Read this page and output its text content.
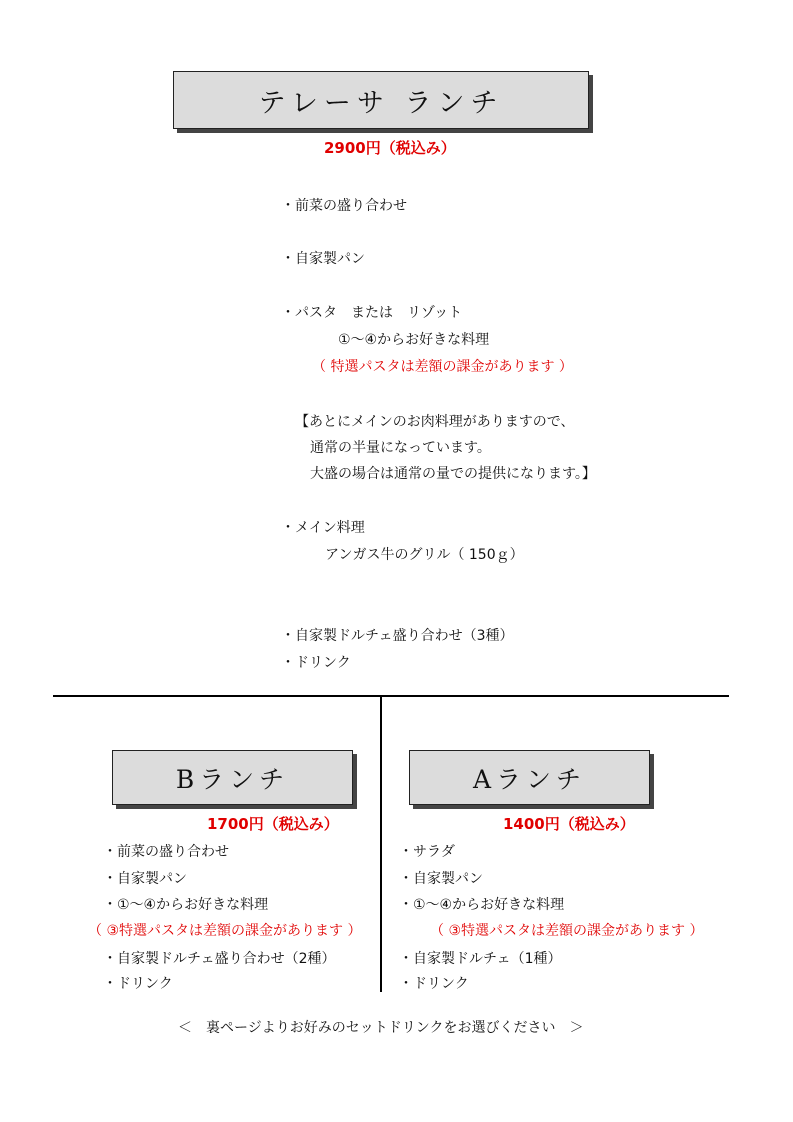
テレーサ ランチ
2900円（税込み）
・前菜の盛り合わせ
・自家製パン
・パスタ　または　リゾット
①～④からお好きな料理
（ 特選パスタは差額の課金があります ）
【あとにメインのお肉料理がありますので、
通常の半量になっています。
大盛の場合は通常の量での提供になります。】
・メイン料理
アンガス牛のグリル（ 150ｇ）
・自家製ドルチェ盛り合わせ（3種）
・ドリンク
Bランチ
1700円（税込み）
・前菜の盛り合わせ
・自家製パン
・①～④からお好きな料理
（ ③特選パスタは差額の課金があります ）
・自家製ドルチェ盛り合わせ（2種）
・ドリンク
Aランチ
1400円（税込み）
・サラダ
・自家製パン
・①～④からお好きな料理
（ ③特選パスタは差額の課金があります ）
・自家製ドルチェ（1種）
・ドリンク
＜　裏ページよりお好みのセットドリンクをお選びください　＞
